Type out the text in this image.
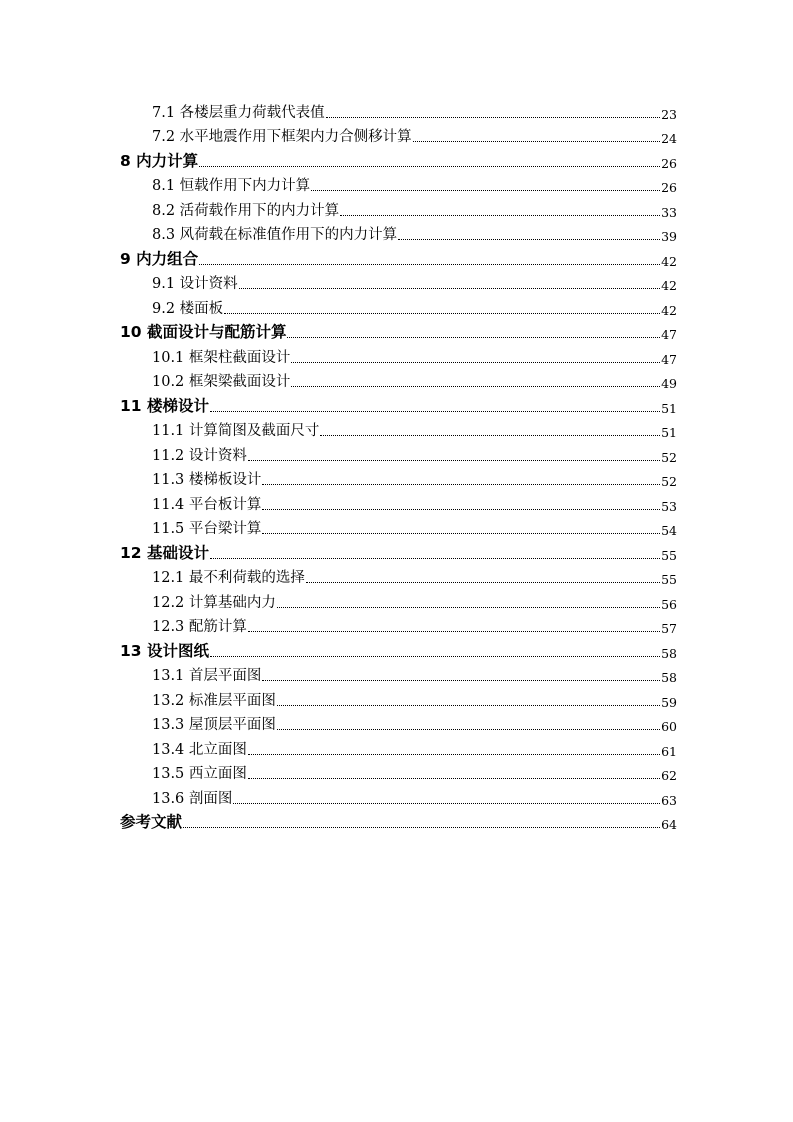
7.1 各楼层重力荷载代表值	23
7.2 水平地震作用下框架内力合侧移计算	24
8 内力计算	26
8.1 恒载作用下内力计算	26
8.2 活荷载作用下的内力计算	33
8.3 风荷载在标准值作用下的内力计算	39
9 内力组合	42
9.1 设计资料	42
9.2 楼面板	42
10 截面设计与配筋计算	47
10.1 框架柱截面设计	47
10.2 框架梁截面设计	49
11 楼梯设计	51
11.1 计算简图及截面尺寸	51
11.2 设计资料	52
11.3 楼梯板设计	52
11.4 平台板计算	53
11.5 平台梁计算	54
12 基础设计	55
12.1 最不利荷载的选择	55
12.2 计算基础内力	56
12.3 配筋计算	57
13 设计图纸	58
13.1 首层平面图	58
13.2 标准层平面图	59
13.3 屋顶层平面图	60
13.4 北立面图	61
13.5 西立面图	62
13.6 剖面图	63
参考文献	64
